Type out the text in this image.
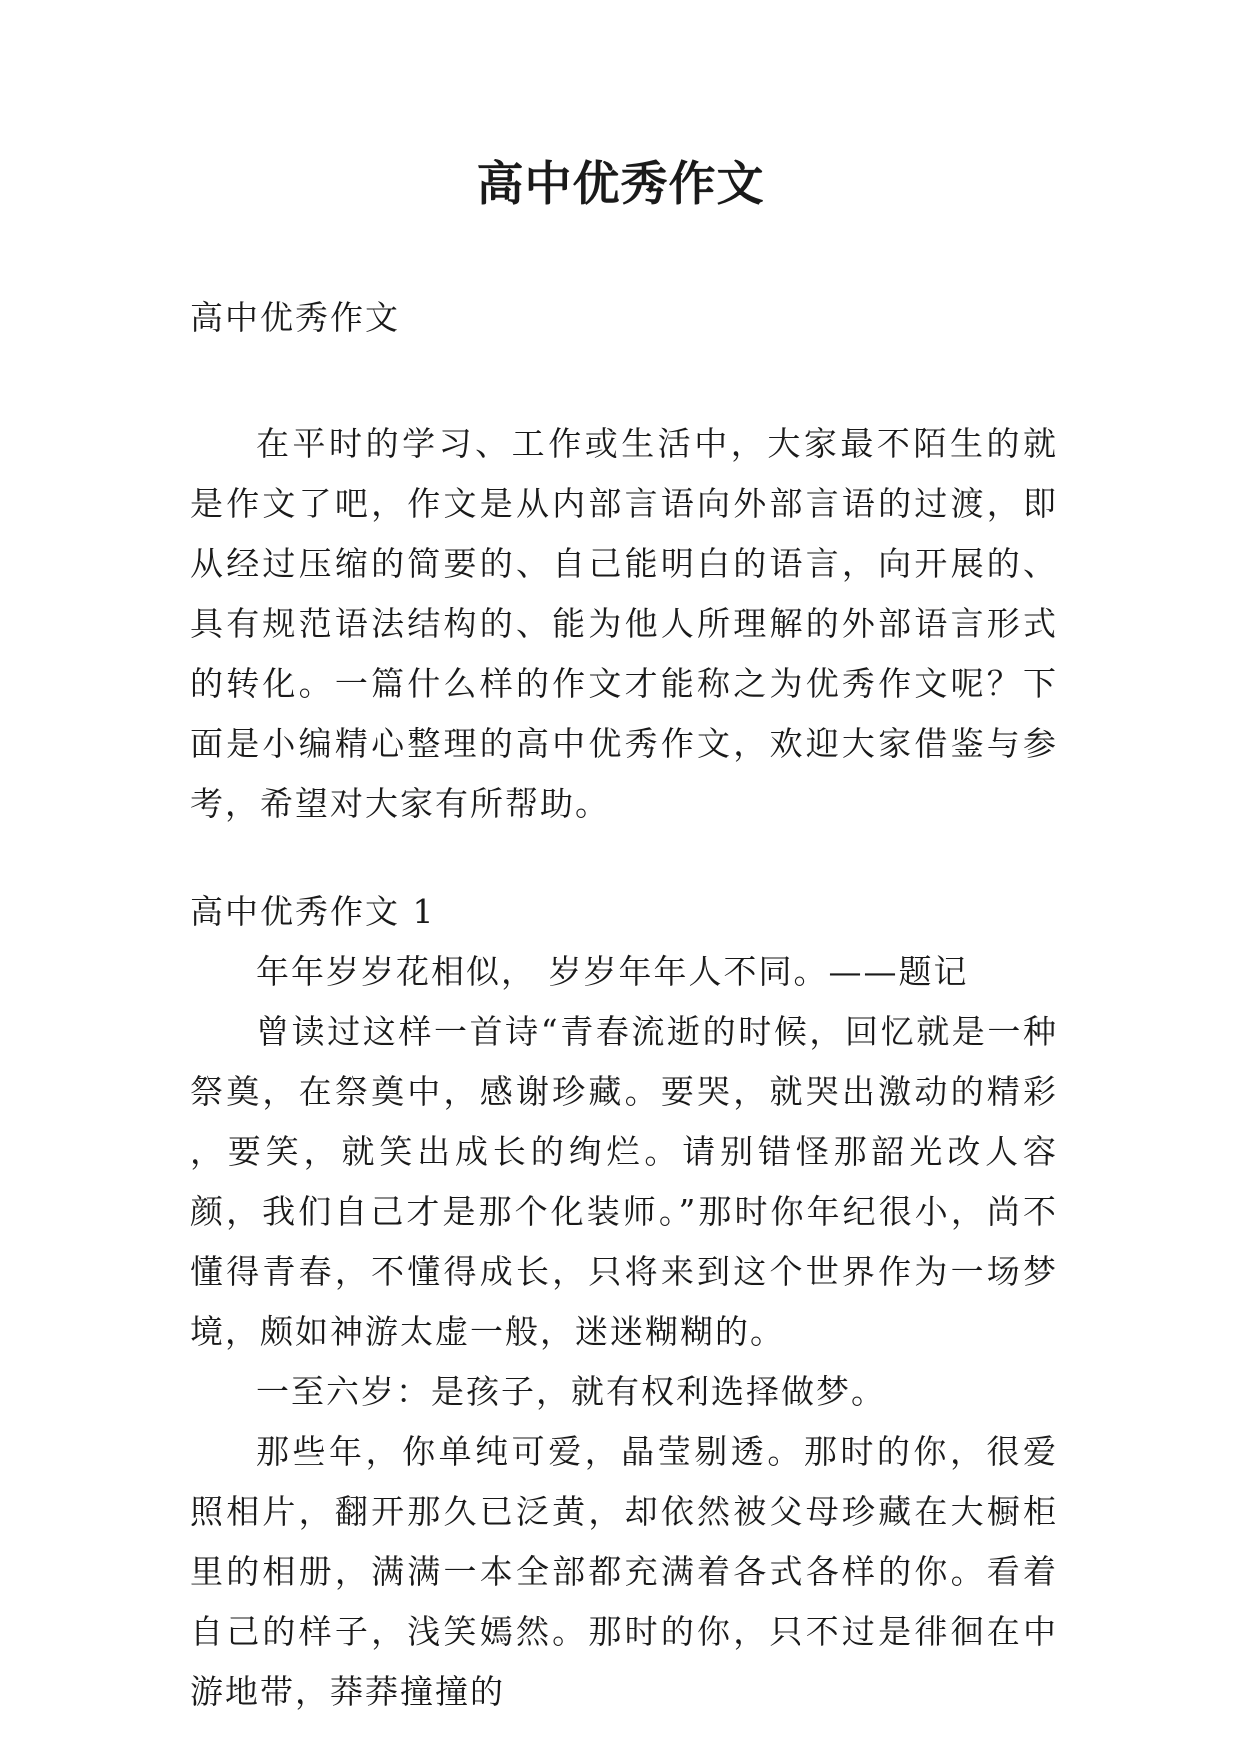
高中优秀作文

高中优秀作文

在平时的学习、工作或生活中，大家最不陌生的就是作文了吧，作文是从内部言语向外部言语的过渡，即从经过压缩的简要的、自己能明白的语言，向开展的、具有规范语法结构的、能为他人所理解的外部语言形式的转化。一篇什么样的作文才能称之为优秀作文呢？下面是小编精心整理的高中优秀作文，欢迎大家借鉴与参考，希望对大家有所帮助。

高中优秀作文 1

年年岁岁花相似， 岁岁年年人不同。——题记

曾读过这样一首诗“青春流逝的时候，回忆就是一种祭奠，在祭奠中，感谢珍藏。要哭，就哭出激动的精彩 ，要笑，就笑出成长的绚烂。请别错怪那韶光改人容颜，我们自己才是那个化装师。”那时你年纪很小，尚不懂得青春，不懂得成长，只将来到这个世界作为一场梦境，颇如神游太虚一般，迷迷糊糊的。

一至六岁：是孩子，就有权利选择做梦。

那些年，你单纯可爱，晶莹剔透。那时的你，很爱照相片，翻开那久已泛黄，却依然被父母珍藏在大橱柜里的相册，满满一本全部都充满着各式各样的你。看着自己的样子，浅笑嫣然。那时的你，只不过是徘徊在中游地带，莽莽撞撞的
